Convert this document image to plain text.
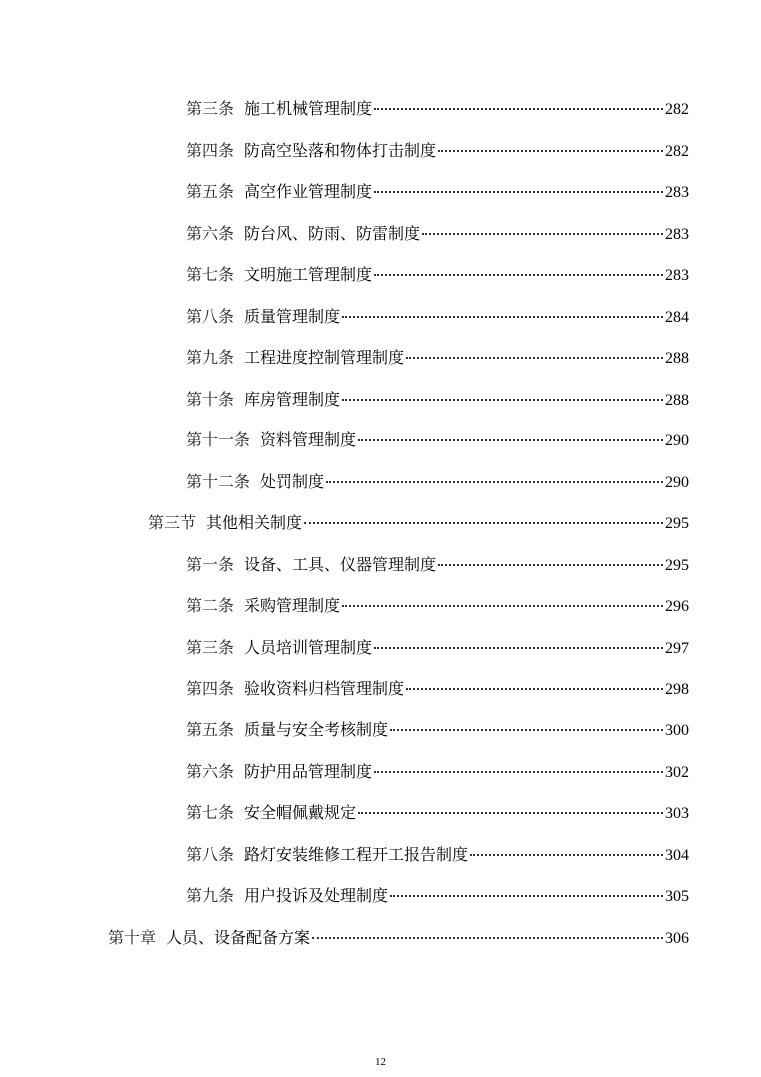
第三条 施工机械管理制度	282
第四条 防高空坠落和物体打击制度	282
第五条 高空作业管理制度	283
第六条 防台风、防雨、防雷制度	283
第七条 文明施工管理制度	283
第八条 质量管理制度	284
第九条 工程进度控制管理制度	288
第十条 库房管理制度	288
第十一条 资料管理制度	290
第十二条 处罚制度	290
第三节 其他相关制度	295
第一条 设备、工具、仪器管理制度	295
第二条 采购管理制度	296
第三条 人员培训管理制度	297
第四条 验收资料归档管理制度	298
第五条 质量与安全考核制度	300
第六条 防护用品管理制度	302
第七条 安全帽佩戴规定	303
第八条 路灯安装维修工程开工报告制度	304
第九条 用户投诉及处理制度	305
第十章 人员、设备配备方案	306
12
